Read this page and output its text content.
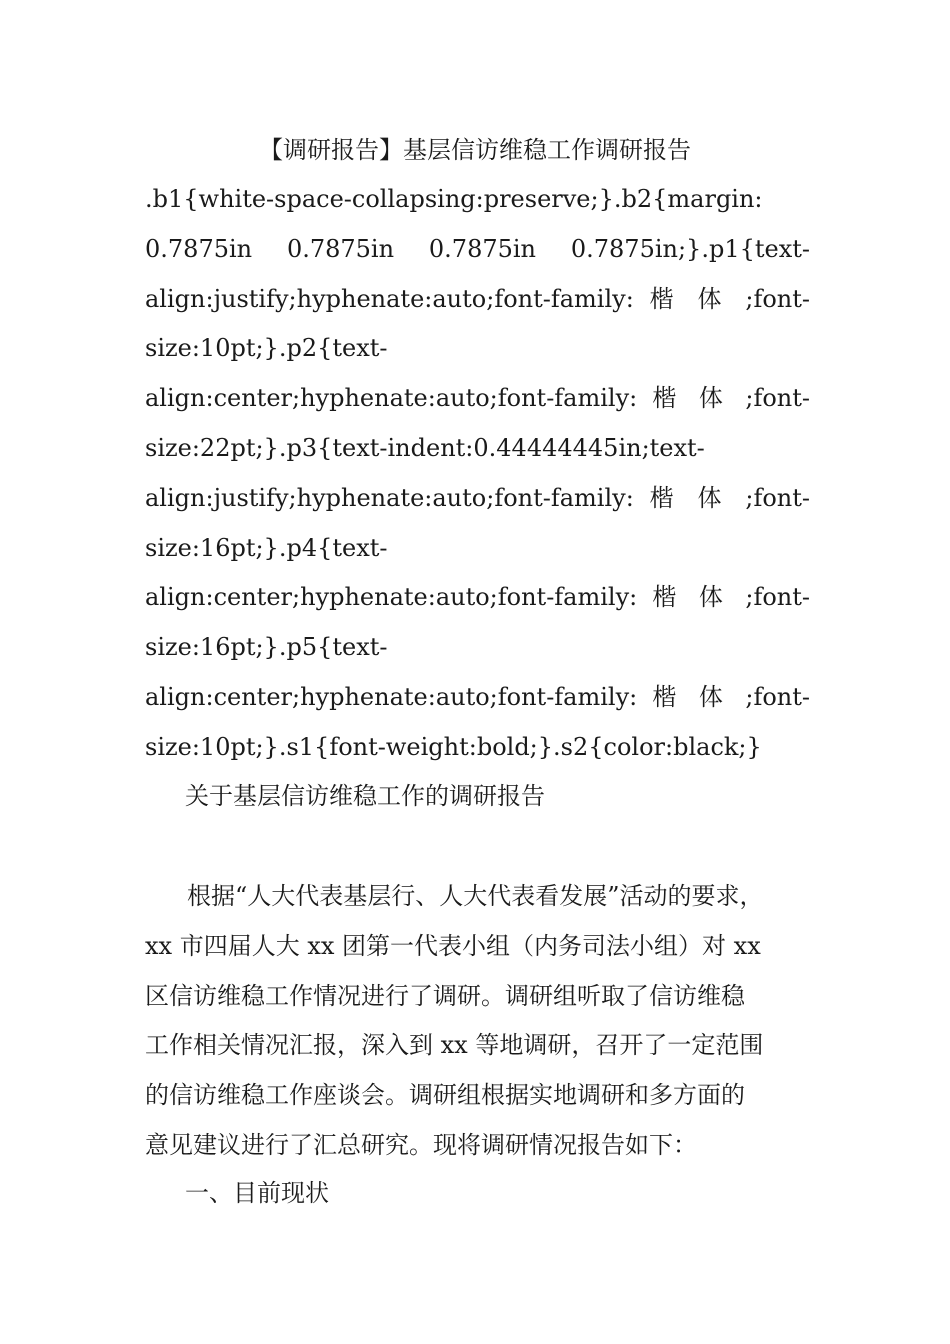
【调研报告】基层信访维稳工作调研报告
.b1{white-space-collapsing:preserve;}.b2{margin:
0.7875in 0.7875in 0.7875in 0.7875in;}.p1{text-
align:justify;hyphenate:auto;font-family: 楷 体 ;font-
size:10pt;}.p2{text-
align:center;hyphenate:auto;font-family: 楷 体 ;font-
size:22pt;}.p3{text-indent:0.44444445in;text-
align:justify;hyphenate:auto;font-family: 楷 体 ;font-
size:16pt;}.p4{text-
align:center;hyphenate:auto;font-family: 楷 体 ;font-
size:16pt;}.p5{text-
align:center;hyphenate:auto;font-family: 楷 体 ;font-
size:10pt;}.s1{font-weight:bold;}.s2{color:black;}
关于基层信访维稳工作的调研报告
根据“人大代表基层行、人大代表看发展”活动的要求，
xx 市四届人大 xx 团第一代表小组（内务司法小组）对 xx
区信访维稳工作情况进行了调研。调研组听取了信访维稳
工作相关情况汇报，深入到 xx 等地调研，召开了一定范围
的信访维稳工作座谈会。调研组根据实地调研和多方面的
意见建议进行了汇总研究。现将调研情况报告如下：
一、目前现状
